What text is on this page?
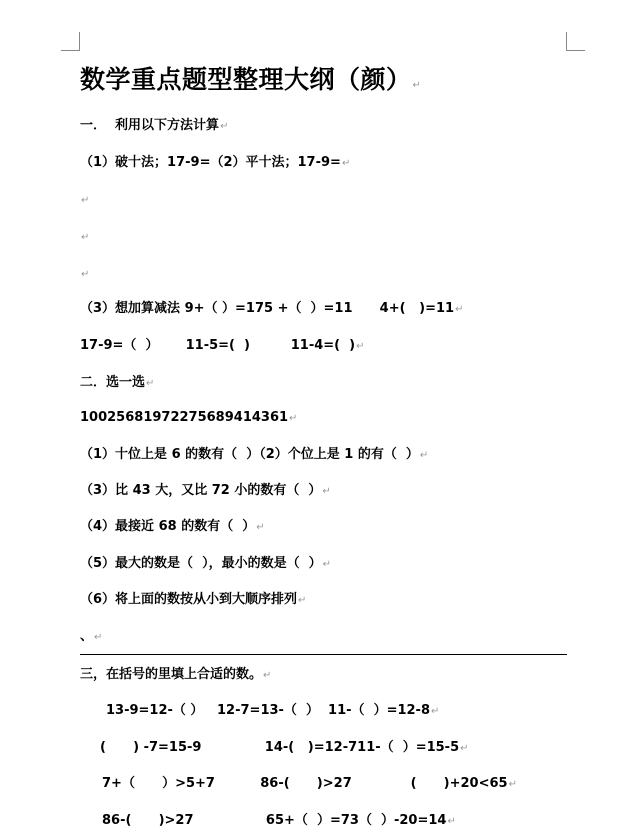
数学重点题型整理大纲（颜）↵
一．  利用以下方法计算↵
（1）破十法；17-9=（2）平十法；17-9=↵
↵
↵
↵
（3）想加算减法 9+（ ）=175 +（  ）=11      4+(   )=11↵
17-9=（  ）      11-5=(  )         11-4=(  )↵
二．选一选↵
10025681972275689414361↵
（1）十位上是 6 的数有（  ）（2）个位上是 1 的有（  ）↵
（3）比 43 大，又比 72 小的数有（  ）↵
（4）最接近 68 的数有（  ）↵
（5）最大的数是（  ），最小的数是（  ）↵
（6）将上面的数按从小到大顺序排列↵
、↵
三，在括号的里填上合适的数。↵
13-9=12-（ ）   12-7=13-（  ）  11-（  ）=12-8↵
(      ) -7=15-9              14-(   )=12-711-（  ）=15-5↵
7+（      ）>5+7          86-(      )>27             (      )+20<65↵
86-(      )>27                65+（  ）=73（  ）-20=14↵
